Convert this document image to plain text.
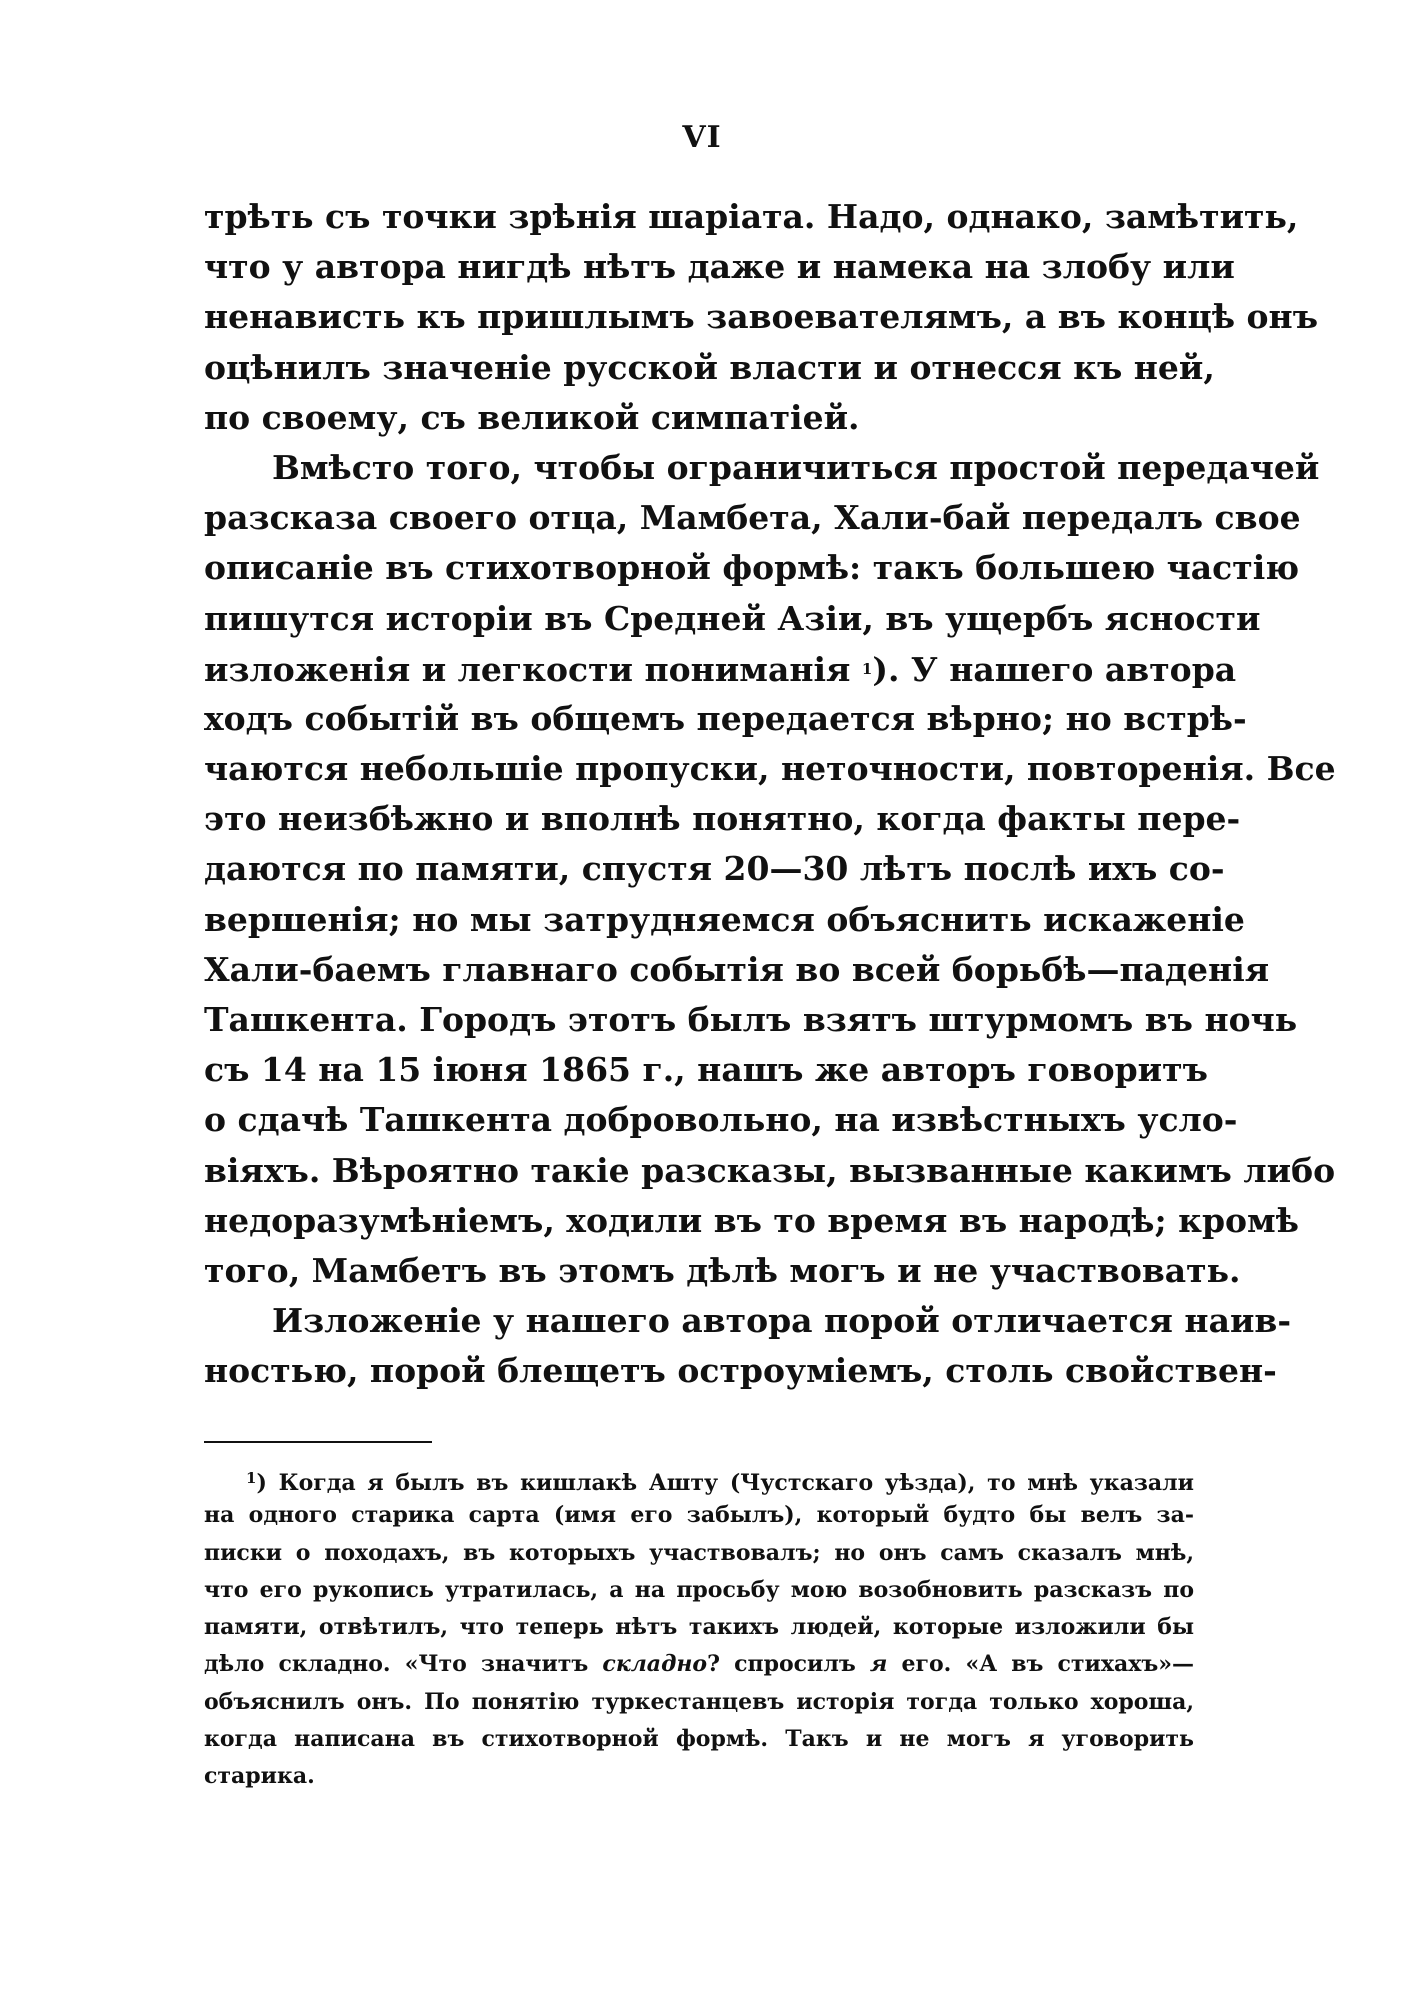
VI
трѣть съ точки зрѣнія шаріата. Надо, однако, замѣтить,
что у автора нигдѣ нѣтъ даже и намека на злобу или
ненависть къ пришлымъ завоевателямъ, а въ концѣ онъ
оцѣнилъ значеніе русской власти и отнесся къ ней,
по своему, съ великой симпатіей.
Вмѣсто того, чтобы ограничиться простой передачей
разсказа своего отца, Мамбета, Хали-бай передалъ свое
описаніе въ стихотворной формѣ: такъ большею частію
пишутся исторіи въ Средней Азіи, въ ущербъ ясности
изложенія и легкости пониманія $^1$). У нашего автора
ходъ событій въ общемъ передается вѣрно; но встрѣ-
чаются небольшіе пропуски, неточности, повторенія. Все
это неизбѣжно и вполнѣ понятно, когда факты пере-
даются по памяти, спустя 20—30 лѣтъ послѣ ихъ со-
вершенія; но мы затрудняемся объяснить искаженіе
Хали-баемъ главнаго событія во всей борьбѣ—паденія
Ташкента. Городъ этотъ былъ взятъ штурмомъ въ ночь
съ 14 на 15 іюня 1865 г., нашъ же авторъ говоритъ
о сдачѣ Ташкента добровольно, на извѣстныхъ усло-
віяхъ. Вѣроятно такіе разсказы, вызванные какимъ либо
недоразумѣніемъ, ходили въ то время въ народѣ; кромѣ
того, Мамбетъ въ этомъ дѣлѣ могъ и не участвовать.
Изложеніе у нашего автора порой отличается наив-
ностью, порой блещетъ остроуміемъ, столь свойствен-
$^1$) Когда я былъ въ кишлакѣ Ашту (Чустскаго уѣзда), то мнѣ указали
на одного старика сарта (имя его забылъ), который будто бы велъ за-
писки о походахъ, въ которыхъ участвовалъ; но онъ самъ сказалъ мнѣ,
что его рукопись утратилась, а на просьбу мою возобновить разсказъ по
памяти, отвѣтилъ, что теперь нѣтъ такихъ людей, которые изложили бы
дѣло складно. «Что значитъ складно? спросилъ я его. «А въ стихахъ»—
объяснилъ онъ. По понятію туркестанцевъ исторія тогда только хороша,
когда написана въ стихотворной формѣ. Такъ и не могъ я уговорить
старика.
